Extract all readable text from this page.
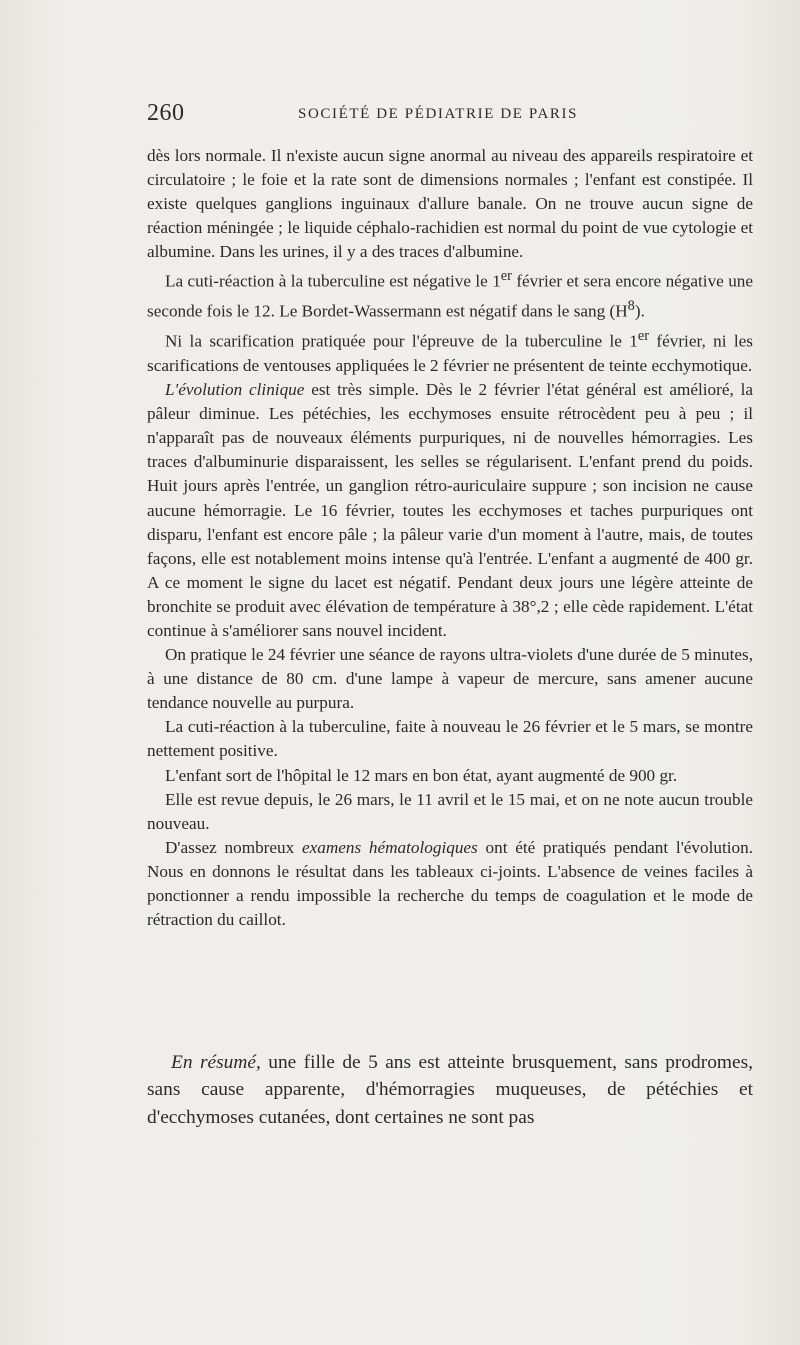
260	SOCIÉTÉ DE PÉDIATRIE DE PARIS

dès lors normale. Il n'existe aucun signe anormal au niveau des appareils respiratoire et circulatoire ; le foie et la rate sont de dimensions normales ; l'enfant est constipée. Il existe quelques ganglions inguinaux d'allure banale. On ne trouve aucun signe de réaction méningée ; le liquide céphalo-rachidien est normal du point de vue cytologie et albumine. Dans les urines, il y a des traces d'albumine.

La cuti-réaction à la tuberculine est négative le 1er février et sera encore négative une seconde fois le 12. Le Bordet-Wassermann est négatif dans le sang $(H^8)$.

Ni la scarification pratiquée pour l'épreuve de la tuberculine le 1er février, ni les scarifications de ventouses appliquées le 2 février ne présentent de teinte ecchymotique.

L'évolution clinique est très simple. Dès le 2 février l'état général est amélioré, la pâleur diminue. Les pétéchies, les ecchymoses ensuite rétrocèdent peu à peu ; il n'apparaît pas de nouveaux éléments purpuriques, ni de nouvelles hémorragies. Les traces d'albuminurie disparaissent, les selles se régularisent. L'enfant prend du poids. Huit jours après l'entrée, un ganglion rétro-auriculaire suppure ; son incision ne cause aucune hémorragie. Le 16 février, toutes les ecchymoses et taches purpuriques ont disparu, l'enfant est encore pâle ; la pâleur varie d'un moment à l'autre, mais, de toutes façons, elle est notablement moins intense qu'à l'entrée. L'enfant a augmenté de 400 gr. A ce moment le signe du lacet est négatif. Pendant deux jours une légère atteinte de bronchite se produit avec élévation de température à 38°,2 ; elle cède rapidement. L'état continue à s'améliorer sans nouvel incident.

On pratique le 24 février une séance de rayons ultra-violets d'une durée de 5 minutes, à une distance de 80 cm. d'une lampe à vapeur de mercure, sans amener aucune tendance nouvelle au purpura.

La cuti-réaction à la tuberculine, faite à nouveau le 26 février et le 5 mars, se montre nettement positive.

L'enfant sort de l'hôpital le 12 mars en bon état, ayant augmenté de 900 gr.

Elle est revue depuis, le 26 mars, le 11 avril et le 15 mai, et on ne note aucun trouble nouveau.

D'assez nombreux examens hématologiques ont été pratiqués pendant l'évolution. Nous en donnons le résultat dans les tableaux ci-joints. L'absence de veines faciles à ponctionner a rendu impossible la recherche du temps de coagulation et le mode de rétraction du caillot.

En résumé, une fille de 5 ans est atteinte brusquement, sans prodromes, sans cause apparente, d'hémorragies muqueuses, de pétéchies et d'ecchymoses cutanées, dont certaines ne sont pas
